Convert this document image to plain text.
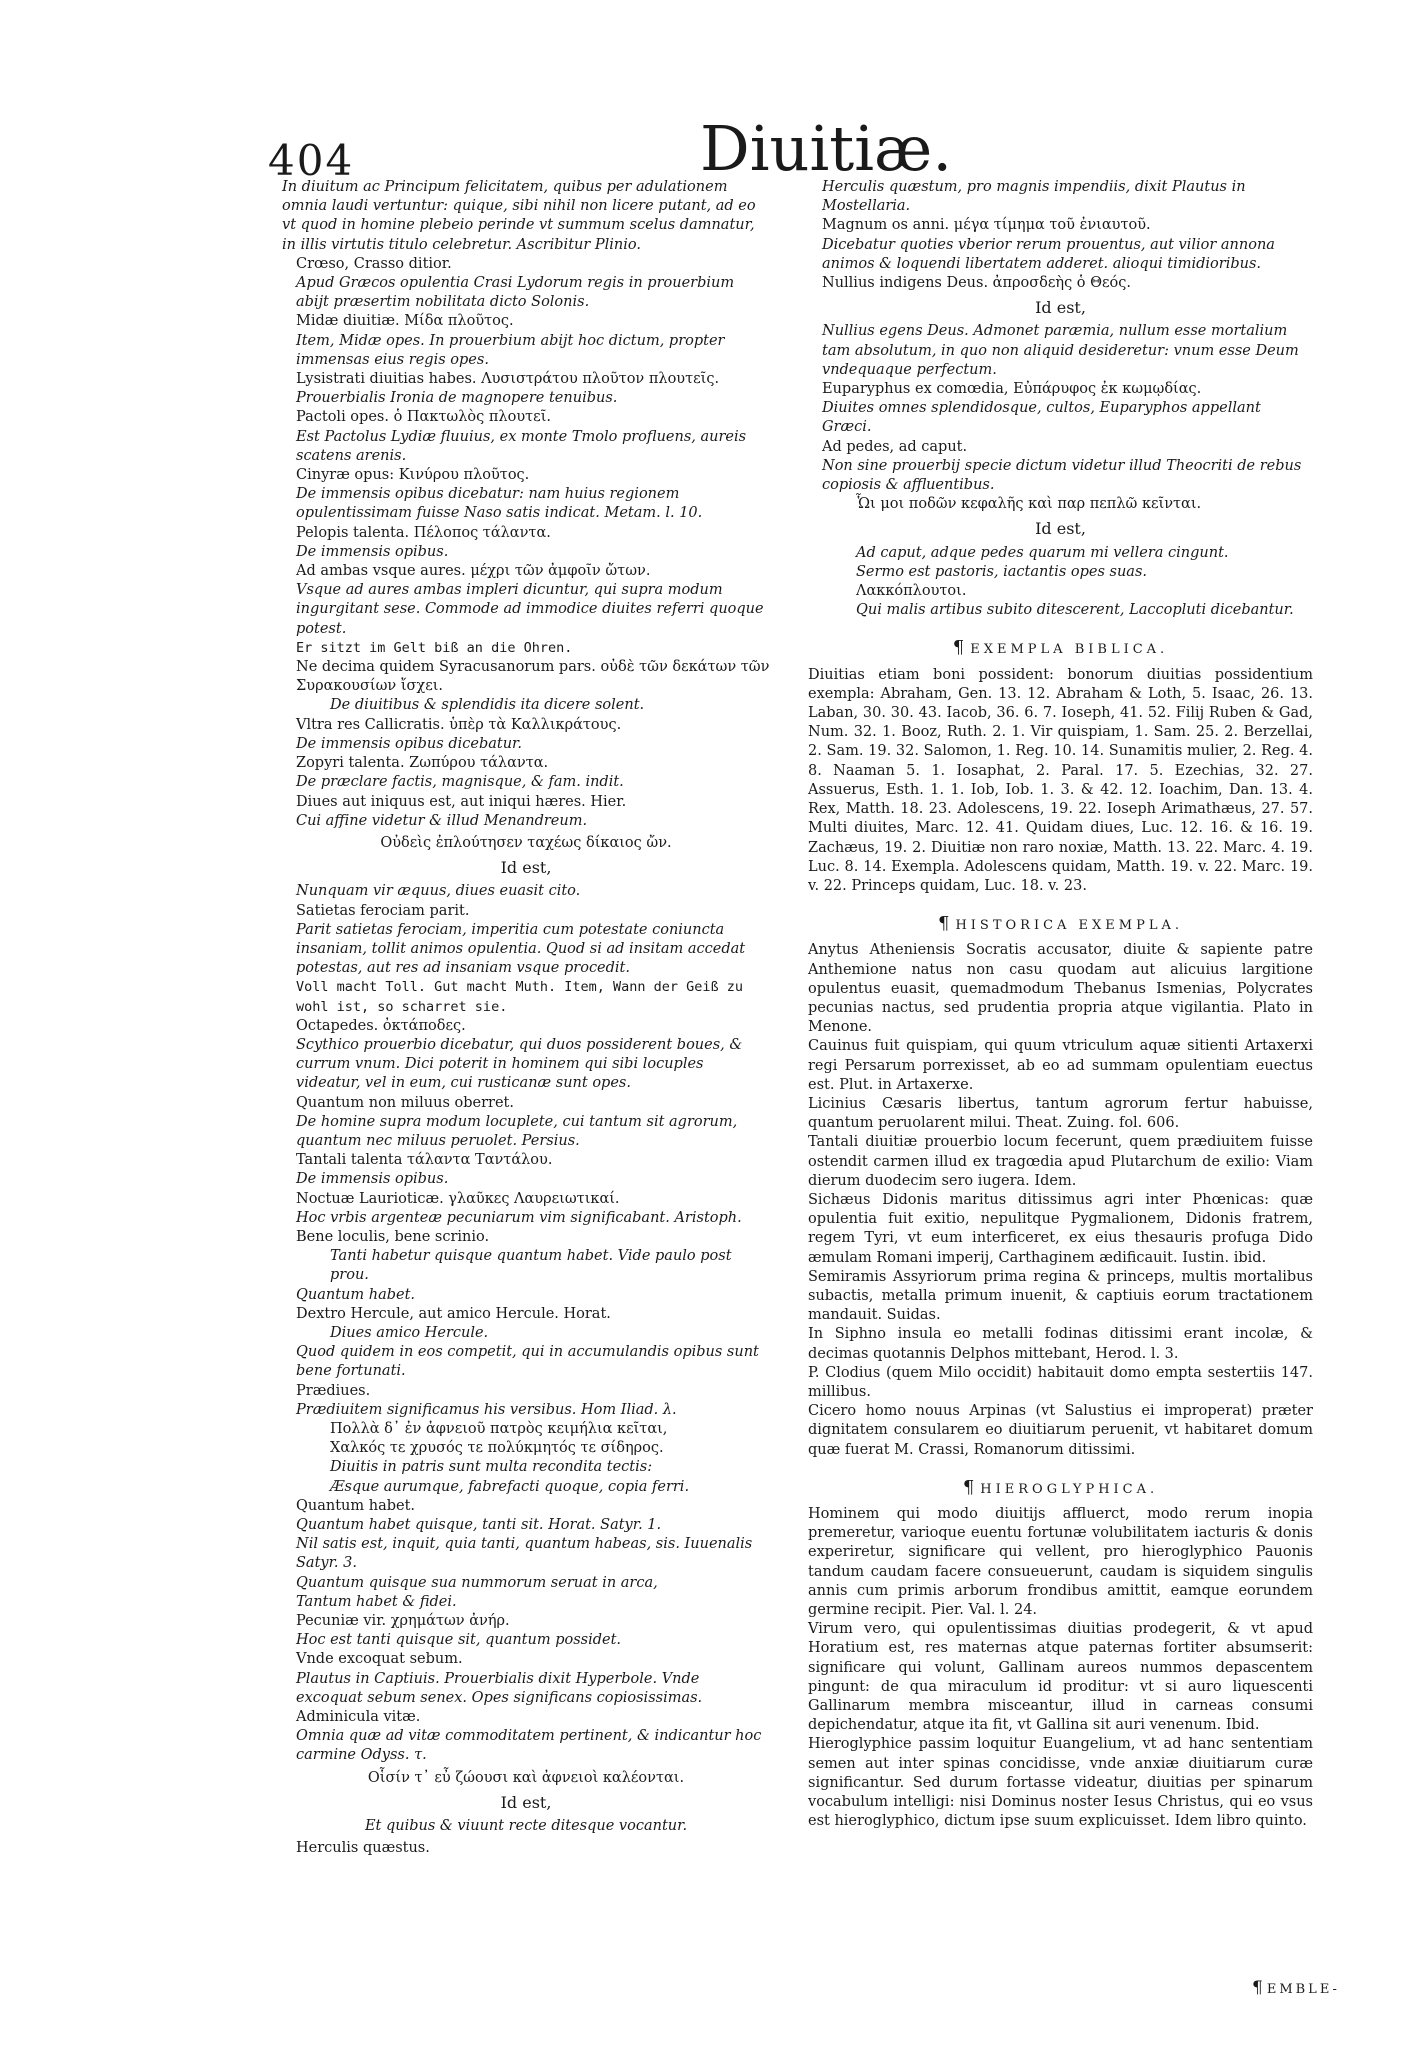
404	Diuitiæ.

In diuitum ac Principum felicitatem, quibus per adulationem omnia laudi vertuntur: quique, sibi nihil non licere putant, ad eo vt quod in homine plebeio perinde vt summum scelus damnatur, in illis virtutis titulo celebretur. Ascribitur Plinio.

Crœso, Crasso ditior.

Apud Græcos opulentia Crasi Lydorum regis in prouerbium abijt præsertim nobilitata dicto Solonis.

Midæ diuitiæ. Μίδα πλοῦτος.

Item, Midæ opes. In prouerbium abijt hoc dictum, propter immensas eius regis opes.

Lysistrati diuitias habes. Λυσιστράτου πλοῦτον πλουτεῖς.

Prouerbialis Ironia de magnopere tenuibus.

Pactoli opes. ὁ Πακτωλὸς πλουτεῖ.

Est Pactolus Lydiæ fluuius, ex monte Tmolo profluens, aureis scatens arenis.

Cinyræ opus: Κινύρου πλοῦτος.

De immensis opibus dicebatur: nam huius regionem opulentissimam fuisse Naso satis indicat. Metam. l. 10.

Pelopis talenta. Πέλοπος τάλαντα.

De immensis opibus.

Ad ambas vsque aures. μέχρι τῶν ἀμφοῖν ὤτων.

Vsque ad aures ambas impleri dicuntur, qui supra modum ingurgitant sese. Commode ad immodice diuites referri quoque potest.

Er sitzt im Gelt biß an die Ohren.

Ne decima quidem Syracusanorum pars. οὐδὲ τῶν δεκάτων τῶν Συρακουσίων ἴσχει.

De diuitibus & splendidis ita dicere solent.

Vltra res Callicratis. ὑπὲρ τὰ Καλλικράτους.

De immensis opibus dicebatur.

Zopyri talenta. Ζωπύρου τάλαντα.

De præclare factis, magnisque, & fam. indit.

Diues aut iniquus est, aut iniqui hæres. Hier.

Cui affine videtur & illud Menandreum.

Οὐδεὶς ἐπλούτησεν ταχέως δίκαιος ὤν.

Id est,

Nunquam vir æquus, diues euasit cito.

Satietas ferociam parit.

Parit satietas ferociam, imperitia cum potestate coniuncta insaniam, tollit animos opulentia. Quod si ad insitam accedat potestas, aut res ad insaniam vsque procedit.

Voll macht Toll. Gut macht Muth. Item, Wann der Geiß zu wohl ist, so scharret sie.

Octapedes. ὀκτάποδες.

Scythico prouerbio dicebatur, qui duos possiderent boues, & currum vnum. Dici poterit in hominem qui sibi locuples videatur, vel in eum, cui rusticanæ sunt opes.

Quantum non miluus oberret.

De homine supra modum locuplete, cui tantum sit agrorum, quantum nec miluus peruolet. Persius.

Tantali talenta τάλαντα Ταντάλου.

De immensis opibus.

Noctuæ Laurioticæ. γλαῦκες Λαυρειωτικαί.

Hoc vrbis argenteæ pecuniarum vim significabant. Aristoph.

Bene loculis, bene scrinio.

Tanti habetur quisque quantum habet. Vide paulo post prou.

Quantum habet.

Dextro Hercule, aut amico Hercule. Horat.

Diues amico Hercule.

Quod quidem in eos competit, qui in accumulandis opibus sunt bene fortunati.

Prædiues.

Prædiuitem significamus his versibus. Hom Iliad. λ.

Πολλὰ δ᾽ ἐν ἀφνειοῦ πατρὸς κειμήλια κεῖται,

Χαλκός τε χρυσός τε πολύκμητός τε σίδηρος.

Diuitis in patris sunt multa recondita tectis:

Æsque aurumque, fabrefacti quoque, copia ferri.

Quantum habet.

Quantum habet quisque, tanti sit. Horat. Satyr. 1.

Nil satis est, inquit, quia tanti, quantum habeas, sis. Iuuenalis Satyr. 3.

Quantum quisque sua nummorum seruat in arca,

Tantum habet & fidei.

Pecuniæ vir. χρημάτων ἀνήρ.

Hoc est tanti quisque sit, quantum possidet.

Vnde excoquat sebum.

Plautus in Captiuis. Prouerbialis dixit Hyperbole. Vnde excoquat sebum senex. Opes significans copiosissimas.

Adminicula vitæ.

Omnia quæ ad vitæ commoditatem pertinent, & indicantur hoc carmine Odyss. τ.

Οἷσίν τ᾽ εὖ ζώουσι καὶ ἀφνειοὶ καλέονται.

Id est,

Et quibus & viuunt recte ditesque vocantur.

Herculis quæstus.

Herculis quæstum, pro magnis impendiis, dixit Plautus in Mostellaria.

Magnum os anni. μέγα τίμημα τοῦ ἐνιαυτοῦ.

Dicebatur quoties vberior rerum prouentus, aut vilior annona animos & loquendi libertatem adderet. alioqui timidioribus.

Nullius indigens Deus. ἀπροσδεὴς ὁ Θεός.

Id est,

Nullius egens Deus. Admonet paræmia, nullum esse mortalium tam absolutum, in quo non aliquid desideretur: vnum esse Deum vndequaque perfectum.

Euparyphus ex comœdia, Εὐπάρυφος ἐκ κωμῳδίας.

Diuites omnes splendidosque, cultos, Euparyphos appellant Græci.

Ad pedes, ad caput.

Non sine prouerbij specie dictum videtur illud Theocriti de rebus copiosis & affluentibus.

Ὧι μοι ποδῶν κεφαλῆς καὶ παρ πεπλῶ κεῖνται.

Id est,

Ad caput, adque pedes quarum mi vellera cingunt.

Sermo est pastoris, iactantis opes suas.

Λακκόπλουτοι.

Qui malis artibus subito ditescerent, Laccopluti dicebantur.

¶ EXEMPLA BIBLICA.

Diuitias etiam boni possident: bonorum diuitias possidentium exempla: Abraham, Gen. 13. 12. Abraham & Loth, 5. Isaac, 26. 13. Laban, 30. 30. 43. Iacob, 36. 6. 7. Ioseph, 41. 52. Filij Ruben & Gad, Num. 32. 1. Booz, Ruth. 2. 1. Vir quispiam, 1. Sam. 25. 2. Berzellai, 2. Sam. 19. 32. Salomon, 1. Reg. 10. 14. Sunamitis mulier, 2. Reg. 4. 8. Naaman 5. 1. Iosaphat, 2. Paral. 17. 5. Ezechias, 32. 27. Assuerus, Esth. 1. 1. Iob, Iob. 1. 3. & 42. 12. Ioachim, Dan. 13. 4. Rex, Matth. 18. 23. Adolescens, 19. 22. Ioseph Arimathæus, 27. 57. Multi diuites, Marc. 12. 41. Quidam diues, Luc. 12. 16. & 16. 19. Zachæus, 19. 2. Diuitiæ non raro noxiæ, Matth. 13. 22. Marc. 4. 19. Luc. 8. 14. Exempla. Adolescens quidam, Matth. 19. v. 22. Marc. 19. v. 22. Princeps quidam, Luc. 18. v. 23.

¶ HISTORICA EXEMPLA.

Anytus Atheniensis Socratis accusator, diuite & sapiente patre Anthemione natus non casu quodam aut alicuius largitione opulentus euasit, quemadmodum Thebanus Ismenias, Polycrates pecunias nactus, sed prudentia propria atque vigilantia. Plato in Menone.

Cauinus fuit quispiam, qui quum vtriculum aquæ sitienti Artaxerxi regi Persarum porrexisset, ab eo ad summam opulentiam euectus est. Plut. in Artaxerxe.

Licinius Cæsaris libertus, tantum agrorum fertur habuisse, quantum peruolarent milui. Theat. Zuing. fol. 606.

Tantali diuitiæ prouerbio locum fecerunt, quem prædiuitem fuisse ostendit carmen illud ex tragœdia apud Plutarchum de exilio: Viam dierum duodecim sero iugera. Idem.

Sichæus Didonis maritus ditissimus agri inter Phœnicas: quæ opulentia fuit exitio, nepulitque Pygmalionem, Didonis fratrem, regem Tyri, vt eum interficeret, ex eius thesauris profuga Dido æmulam Romani imperij, Carthaginem ædificauit. Iustin. ibid.

Semiramis Assyriorum prima regina & princeps, multis mortalibus subactis, metalla primum inuenit, & captiuis eorum tractationem mandauit. Suidas.

In Siphno insula eo metalli fodinas ditissimi erant incolæ, & decimas quotannis Delphos mittebant, Herod. l. 3.

P. Clodius (quem Milo occidit) habitauit domo empta sestertiis 147. millibus.

Cicero homo nouus Arpinas (vt Salustius ei improperat) præter dignitatem consularem eo diuitiarum peruenit, vt habitaret domum quæ fuerat M. Crassi, Romanorum ditissimi.

¶ HIEROGLYPHICA.

Hominem qui modo diuitijs affluerct, modo rerum inopia premeretur, varioque euentu fortunæ volubilitatem iacturis & donis experiretur, significare qui vellent, pro hieroglyphico Pauonis tandum caudam facere consueuerunt, caudam is siquidem singulis annis cum primis arborum frondibus amittit, eamque eorundem germine recipit. Pier. Val. l. 24.

Virum vero, qui opulentissimas diuitias prodegerit, & vt apud Horatium est, res maternas atque paternas fortiter absumserit: significare qui volunt, Gallinam aureos nummos depascentem pingunt: de qua miraculum id proditur: vt si auro liquescenti Gallinarum membra misceantur, illud in carneas consumi depichendatur, atque ita fit, vt Gallina sit auri venenum. Ibid.

Hieroglyphice passim loquitur Euangelium, vt ad hanc sententiam semen aut inter spinas concidisse, vnde anxiæ diuitiarum curæ significantur. Sed durum fortasse videatur, diuitias per spinarum vocabulum intelligi: nisi Dominus noster Iesus Christus, qui eo vsus est hieroglyphico, dictum ipse suum explicuisset. Idem libro quinto.

¶ EMBLE-
